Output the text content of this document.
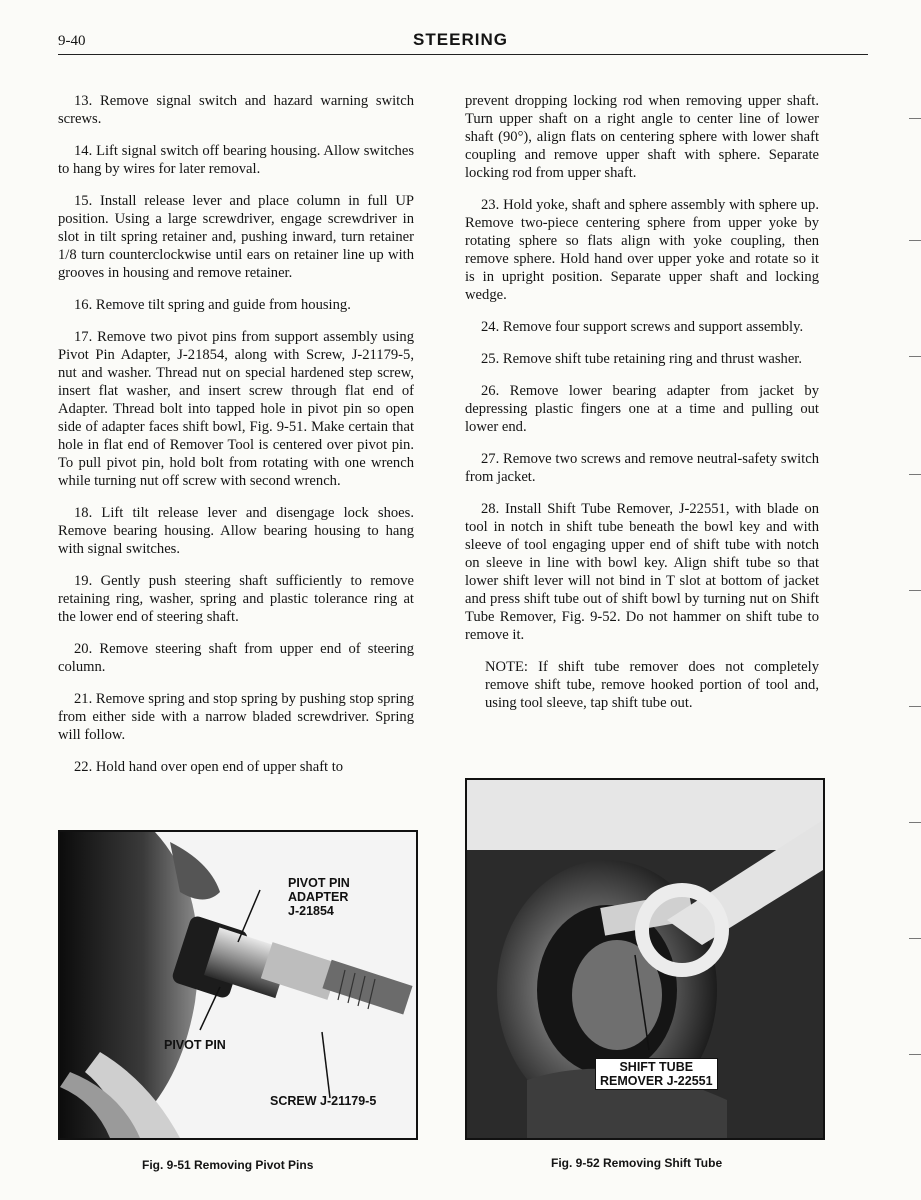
9-40	STEERING

13. Remove signal switch and hazard warning switch screws.

14. Lift signal switch off bearing housing. Allow switches to hang by wires for later removal.

15. Install release lever and place column in full UP position. Using a large screwdriver, engage screwdriver in slot in tilt spring retainer and, pushing inward, turn retainer 1/8 turn counterclockwise until ears on retainer line up with grooves in housing and remove retainer.

16. Remove tilt spring and guide from housing.

17. Remove two pivot pins from support assembly using Pivot Pin Adapter, J-21854, along with Screw, J-21179-5, nut and washer. Thread nut on special hardened step screw, insert flat washer, and insert screw through flat end of Adapter. Thread bolt into tapped hole in pivot pin so open side of adapter faces shift bowl, Fig. 9-51. Make certain that hole in flat end of Remover Tool is centered over pivot pin. To pull pivot pin, hold bolt from rotating with one wrench while turning nut off screw with second wrench.

18. Lift tilt release lever and disengage lock shoes. Remove bearing housing. Allow bearing housing to hang with signal switches.

19. Gently push steering shaft sufficiently to remove retaining ring, washer, spring and plastic tolerance ring at the lower end of steering shaft.

20. Remove steering shaft from upper end of steering column.

21. Remove spring and stop spring by pushing stop spring from either side with a narrow bladed screwdriver. Spring will follow.

22. Hold hand over open end of upper shaft to

prevent dropping locking rod when removing upper shaft. Turn upper shaft on a right angle to center line of lower shaft (90°), align flats on centering sphere with lower shaft coupling and remove upper shaft with sphere. Separate locking rod from upper shaft.

23. Hold yoke, shaft and sphere assembly with sphere up. Remove two-piece centering sphere from upper yoke by rotating sphere so flats align with yoke coupling, then remove sphere. Hold hand over upper yoke and rotate so it is in upright position. Separate upper shaft and locking wedge.

24. Remove four support screws and support assembly.

25. Remove shift tube retaining ring and thrust washer.

26. Remove lower bearing adapter from jacket by depressing plastic fingers one at a time and pulling out lower end.

27. Remove two screws and remove neutral-safety switch from jacket.

28. Install Shift Tube Remover, J-22551, with blade on tool in notch in shift tube beneath the bowl key and with sleeve of tool engaging upper end of shift tube with notch on sleeve in line with bowl key. Align shift tube so that lower shift lever will not bind in T slot at bottom of jacket and press shift tube out of shift bowl by turning nut on Shift Tube Remover, Fig. 9-52. Do not hammer on shift tube to remove it.

NOTE: If shift tube remover does not completely remove shift tube, remove hooked portion of tool and, using tool sleeve, tap shift tube out.

PIVOT PIN
ADAPTER
J-21854
PIVOT PIN
SCREW J-21179-5
Fig. 9-51 Removing Pivot Pins
SHIFT TUBE
REMOVER J-22551
Fig. 9-52 Removing Shift Tube
